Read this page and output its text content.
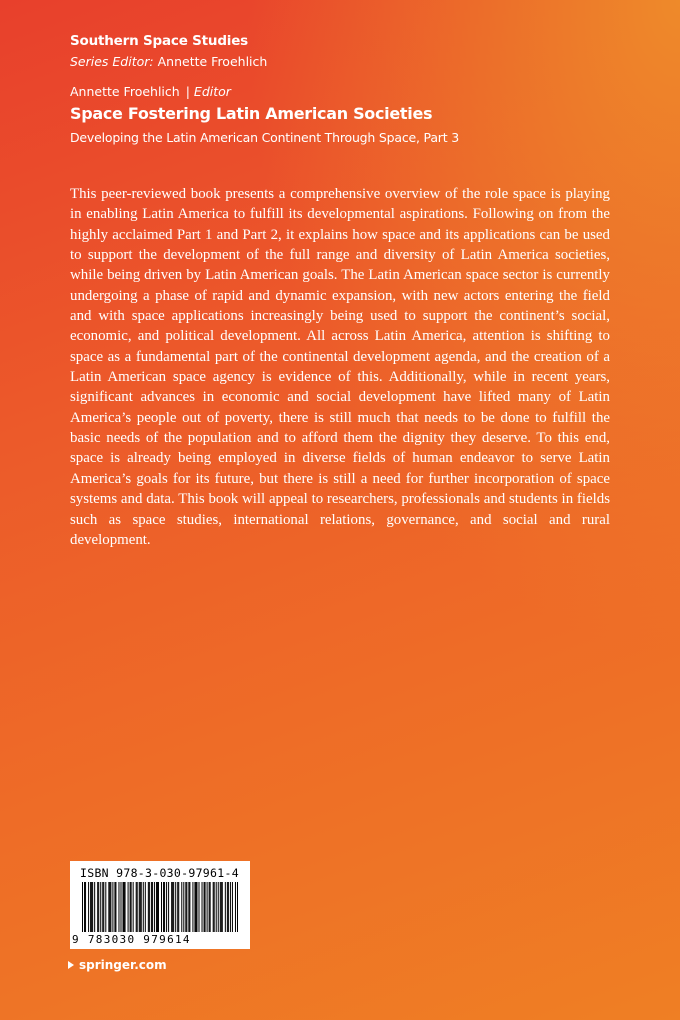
Southern Space Studies
Series Editor: Annette Froehlich
Annette Froehlich | Editor
Space Fostering Latin American Societies
Developing the Latin American Continent Through Space, Part 3

This peer-reviewed book presents a comprehensive overview of the role space is playing in enabling Latin America to fulfill its developmental aspirations. Following on from the highly acclaimed Part 1 and Part 2, it explains how space and its applications can be used to support the development of the full range and diversity of Latin America societies, while being driven by Latin American goals. The Latin American space sector is currently undergoing a phase of rapid and dynamic expansion, with new actors entering the field and with space applications increasingly being used to support the continent’s social, economic, and political development. All across Latin America, attention is shifting to space as a fundamental part of the continental development agenda, and the creation of a Latin American space agency is evidence of this. Additionally, while in recent years, significant advances in economic and social development have lifted many of Latin America’s people out of poverty, there is still much that needs to be done to fulfill the basic needs of the population and to afford them the dignity they deserve. To this end, space is already being employed in diverse fields of human endeavor to serve Latin America’s goals for its future, but there is still a need for further incorporation of space systems and data. This book will appeal to researchers, professionals and students in fields such as space studies, international relations, governance, and social and rural development.

ISBN 978-3-030-97961-4
9 783030 979614
springer.com
